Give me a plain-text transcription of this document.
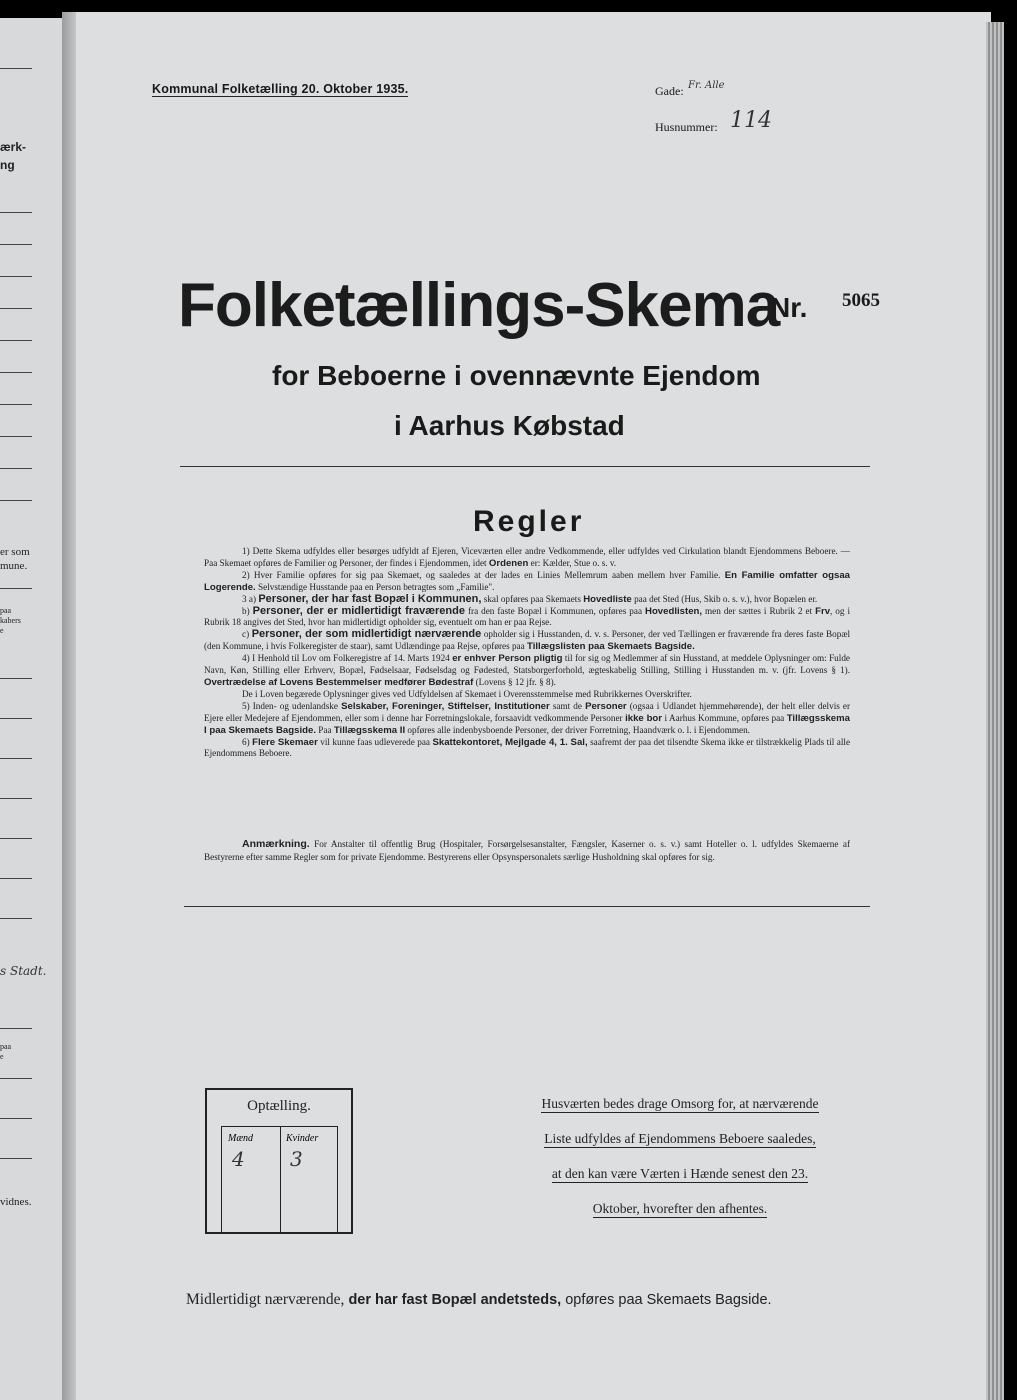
ærk-
ng
er som
mune.
paa
kabers
e
s Stadt.
paa
e
vidnes.
Kommunal Folketælling 20. Oktober 1935.	Gade: Fr. Alle
Husnummer: 114
Folketællings-Skema
Nr. 5065
for Beboerne i ovennævnte Ejendom
i Aarhus Købstad
Regler

1) Dette Skema udfyldes eller besørges udfyldt af Ejeren, Viceværten eller andre Vedkommende, eller udfyldes ved Cirkulation blandt Ejendommens Beboere. — Paa Skemaet opføres de Familier og Personer, der findes i Ejendommen, idet Ordenen er: Kælder, Stue o. s. v.

2) Hver Familie opføres for sig paa Skemaet, og saaledes at der lades en Linies Mellemrum aaben mellem hver Familie. En Familie omfatter ogsaa Logerende. Selvstændige Husstande paa en Person betragtes som „Familie".

3 a) Personer, der har fast Bopæl i Kommunen, skal opføres paa Skemaets Hovedliste paa det Sted (Hus, Skib o. s. v.), hvor Bopælen er.

b) Personer, der er midlertidigt fraværende fra den faste Bopæl i Kommunen, opføres paa Hovedlisten, men der sættes i Rubrik 2 et Frv, og i Rubrik 18 angives det Sted, hvor han midlertidigt opholder sig, eventuelt om han er paa Rejse.

c) Personer, der som midlertidigt nærværende opholder sig i Husstanden, d. v. s. Personer, der ved Tællingen er fraværende fra deres faste Bopæl (den Kommune, i hvis Folkeregister de staar), samt Udlændinge paa Rejse, opføres paa Tillægslisten paa Skemaets Bagside.

4) I Henhold til Lov om Folkeregistre af 14. Marts 1924 er enhver Person pligtig til for sig og Medlemmer af sin Husstand, at meddele Oplysninger om: Fulde Navn, Køn, Stilling eller Erhverv, Bopæl, Fødselsaar, Fødselsdag og Fødested, Statsborgerforhold, ægteskabelig Stilling, Stilling i Husstanden m. v. (jfr. Lovens § 1). Overtrædelse af Lovens Bestemmelser medfører Bødestraf (Lovens § 12 jfr. § 8).

De i Loven begærede Oplysninger gives ved Udfyldelsen af Skemaet i Overensstemmelse med Rubrikkernes Overskrifter.

5) Inden- og udenlandske Selskaber, Foreninger, Stiftelser, Institutioner samt de Personer (ogsaa i Udlandet hjemmehørende), der helt eller delvis er Ejere eller Medejere af Ejendommen, eller som i denne har Forretningslokale, forsaavidt vedkommende Personer ikke bor i Aarhus Kommune, opføres paa Tillægsskema I paa Skemaets Bagside. Paa Tillægsskema II opføres alle indenbysboende Personer, der driver Forretning, Haandværk o. l. i Ejendommen.

6) Flere Skemaer vil kunne faas udleverede paa Skattekontoret, Mejlgade 4, 1. Sal, saafremt der paa det tilsendte Skema ikke er tilstrækkelig Plads til alle Ejendommens Beboere.

Anmærkning. For Anstalter til offentlig Brug (Hospitaler, Forsørgelsesanstalter, Fængsler, Kaserner o. s. v.) samt Hoteller o. l. udfyldes Skemaerne af Bestyrerne efter samme Regler som for private Ejendomme. Bestyrerens eller Opsynspersonalets særlige Husholdning skal opføres for sig.

Optælling.
Mænd
4
Kvinder
3
Husværten bedes drage Omsorg for, at nærværende
Liste udfyldes af Ejendommens Beboere saaledes,
at den kan være Værten i Hænde senest den 23.
Oktober, hvorefter den afhentes.
Midlertidigt nærværende, der har fast Bopæl andetsteds, opføres paa Skemaets Bagside.
